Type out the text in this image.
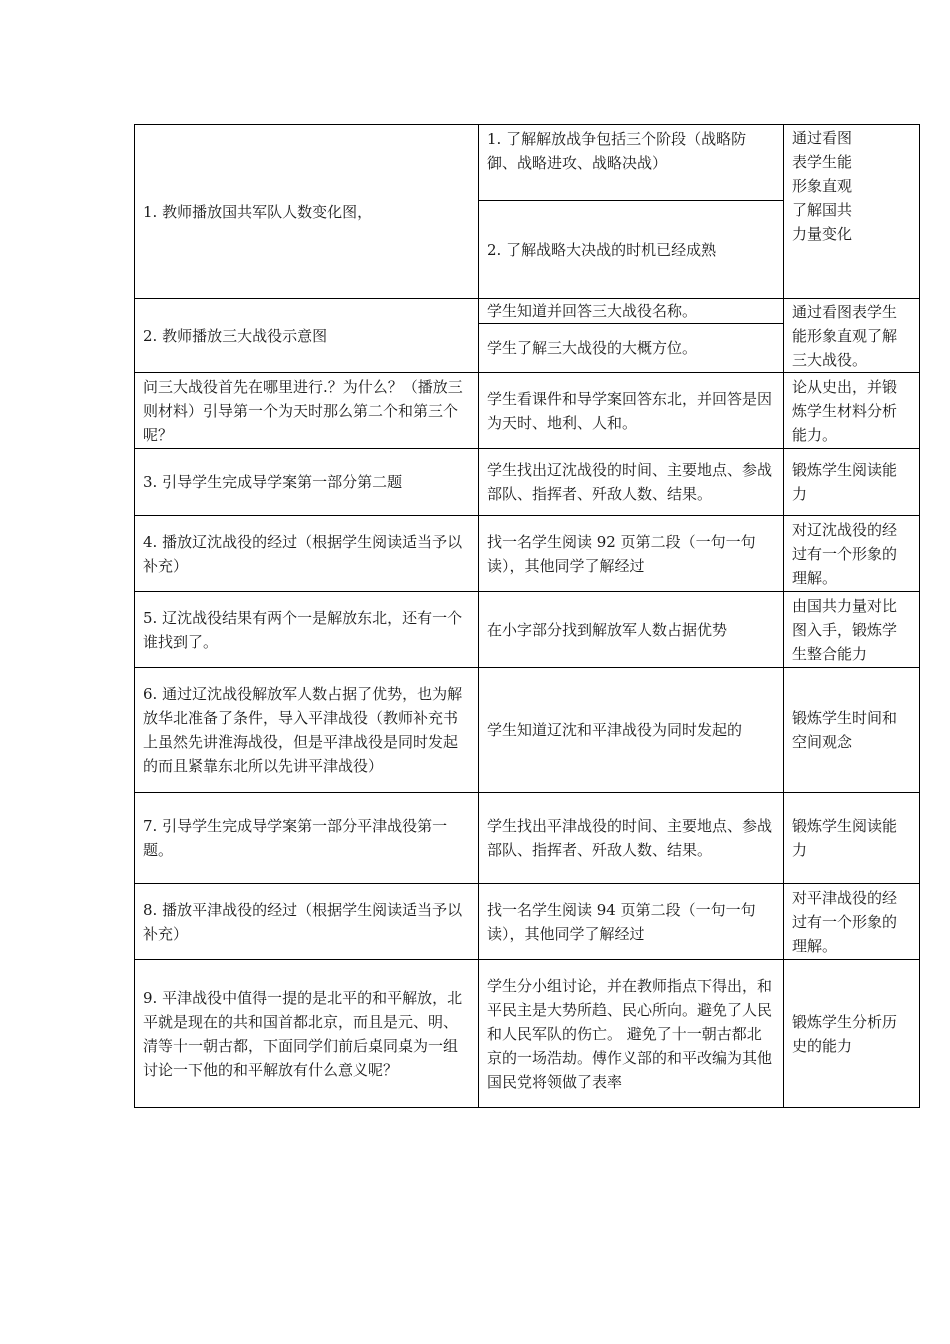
1. 教师播放国共军队人数变化图，	1. 了解解放战争包括三个阶段（战略防御、战略进攻、战略决战）	通过看图表学生能形象直观了解国共力量变化
	2. 了解战略大决战的时机已经成熟	
2. 教师播放三大战役示意图	学生知道并回答三大战役名称。	通过看图表学生能形象直观了解三大战役。
	学生了解三大战役的大概方位。	
问三大战役首先在哪里进行.？为什么？（播放三则材料）引导第一个为天时那么第二个和第三个呢？	学生看课件和导学案回答东北，并回答是因为天时、地利、人和。	论从史出，并锻炼学生材料分析能力。
3. 引导学生完成导学案第一部分第二题	学生找出辽沈战役的时间、主要地点、参战部队、指挥者、歼敌人数、结果。	锻炼学生阅读能力
4. 播放辽沈战役的经过（根据学生阅读适当予以补充）	找一名学生阅读 92 页第二段（一句一句读），其他同学了解经过	对辽沈战役的经过有一个形象的理解。
5. 辽沈战役结果有两个一是解放东北，还有一个谁找到了。	在小字部分找到解放军人数占据优势	由国共力量对比图入手，锻炼学生整合能力
6. 通过辽沈战役解放军人数占据了优势，也为解放华北准备了条件，导入平津战役（教师补充书上虽然先讲淮海战役，但是平津战役是同时发起的而且紧靠东北所以先讲平津战役）	学生知道辽沈和平津战役为同时发起的	锻炼学生时间和空间观念
7. 引导学生完成导学案第一部分平津战役第一题。	学生找出平津战役的时间、主要地点、参战部队、指挥者、歼敌人数、结果。	锻炼学生阅读能力
8. 播放平津战役的经过（根据学生阅读适当予以补充）	找一名学生阅读 94 页第二段（一句一句读），其他同学了解经过	对平津战役的经过有一个形象的理解。
9. 平津战役中值得一提的是北平的和平解放，北平就是现在的共和国首都北京，而且是元、明、清等十一朝古都，下面同学们前后桌同桌为一组讨论一下他的和平解放有什么意义呢？	学生分小组讨论，并在教师指点下得出，和平民主是大势所趋、民心所向。避免了人民和人民军队的伤亡。 避免了十一朝古都北京的一场浩劫。傅作义部的和平改编为其他国民党将领做了表率	锻炼学生分析历史的能力
